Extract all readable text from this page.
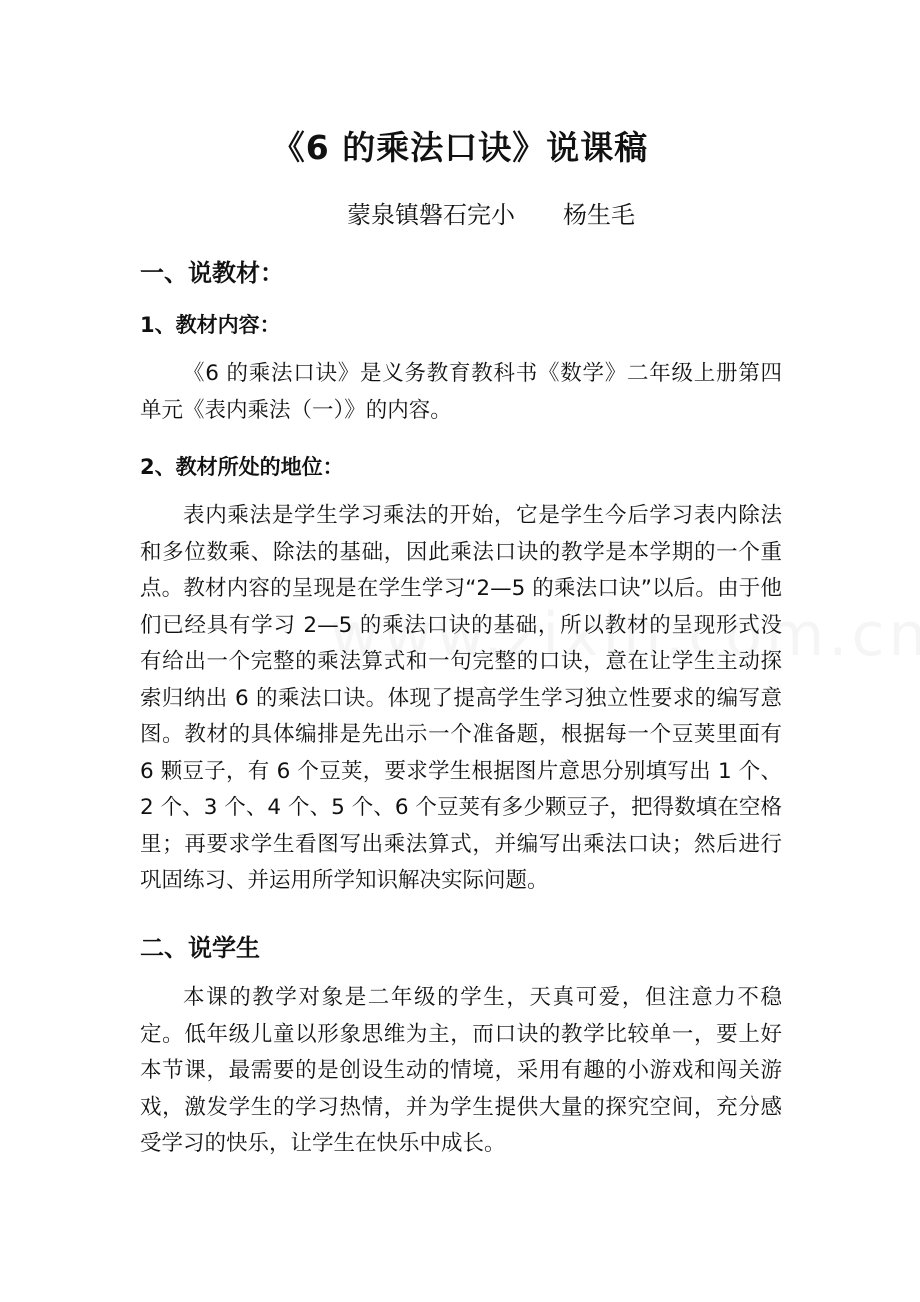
《6 的乘法口诀》说课稿
蒙泉镇磐石完小　　杨生毛
一、说教材：
1、教材内容：

《6 的乘法口诀》是义务教育教科书《数学》二年级上册第四单元《表内乘法（一）》的内容。

2、教材所处的地位：

表内乘法是学生学习乘法的开始，它是学生今后学习表内除法和多位数乘、除法的基础，因此乘法口诀的教学是本学期的一个重点。教材内容的呈现是在学生学习“2—5 的乘法口诀”以后。由于他们已经具有学习 2—5 的乘法口诀的基础，所以教材的呈现形式没有给出一个完整的乘法算式和一句完整的口诀，意在让学生主动探索归纳出 6 的乘法口诀。体现了提高学生学习独立性要求的编写意图。教材的具体编排是先出示一个准备题，根据每一个豆荚里面有 6 颗豆子，有 6 个豆荚，要求学生根据图片意思分别填写出 1 个、2 个、3 个、4 个、5 个、6 个豆荚有多少颗豆子，把得数填在空格里；再要求学生看图写出乘法算式，并编写出乘法口诀；然后进行巩固练习、并运用所学知识解决实际问题。

二、说学生

本课的教学对象是二年级的学生，天真可爱，但注意力不稳定。低年级儿童以形象思维为主，而口诀的教学比较单一，要上好本节课，最需要的是创设生动的情境，采用有趣的小游戏和闯关游戏，激发学生的学习热情，并为学生提供大量的探究空间，充分感受学习的快乐，让学生在快乐中成长。
